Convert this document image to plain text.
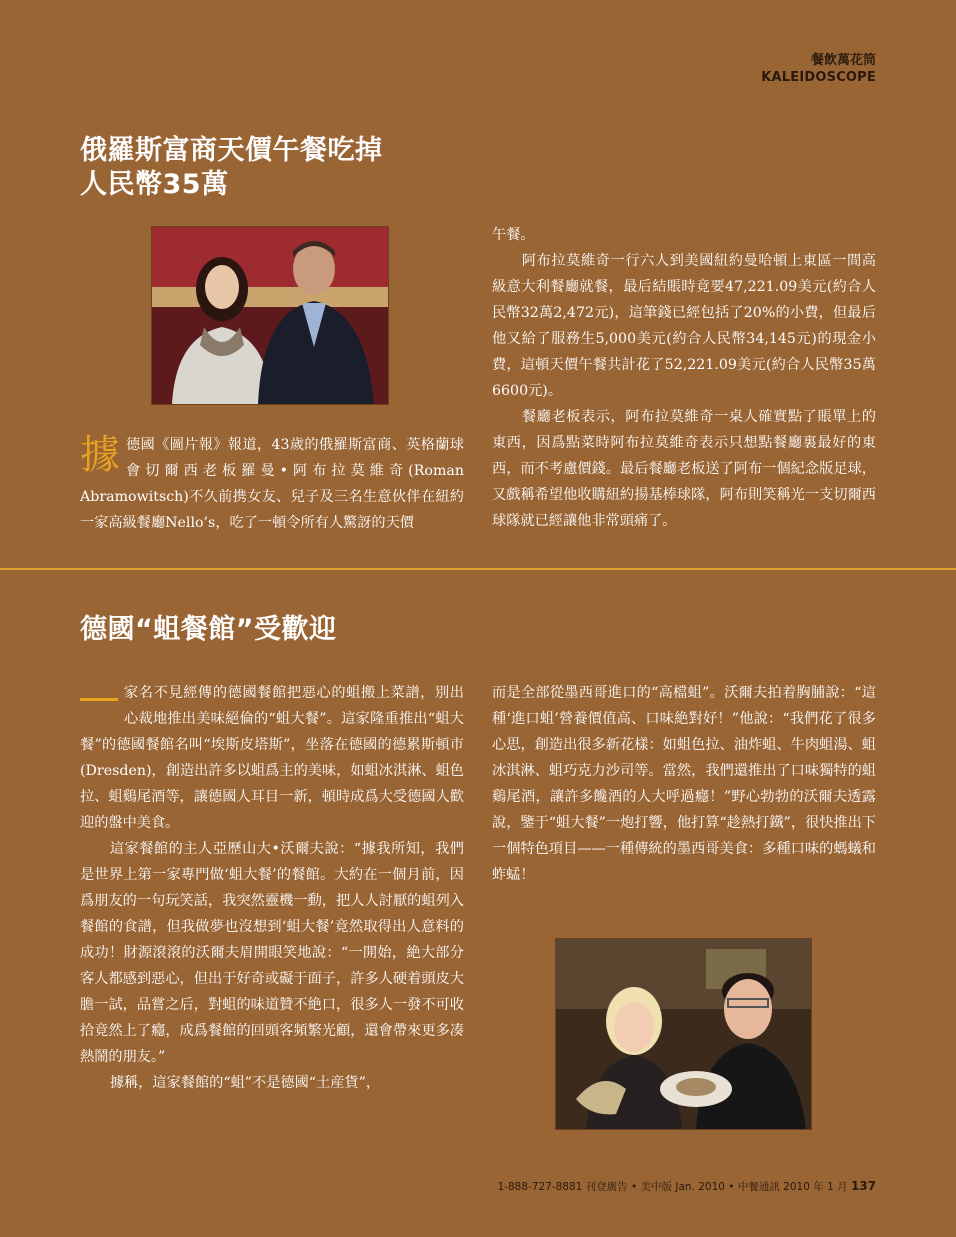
餐飲萬花筒
KALEIDOSCOPE
俄羅斯富商天價午餐吃掉
人民幣35萬

據德國《圖片報》報道，43歲的俄羅斯富商、英格蘭球會切爾西老板羅曼•阿布拉莫維奇(Roman Abramowitsch)不久前携女友、兒子及三名生意伙伴在紐約一家高級餐廳Nello’s，吃了一頓令所有人驚訝的天價

午餐。

阿布拉莫維奇一行六人到美國紐約曼哈頓上東區一間高級意大利餐廳就餐，最后結賬時竟要47,221.09美元(約合人民幣32萬2,472元)，這筆錢已經包括了20%的小費，但最后他又給了服務生5,000美元(約合人民幣34,145元)的現金小費，這頓天價午餐共計花了52,221.09美元(約合人民幣35萬6600元)。

餐廳老板表示，阿布拉莫維奇一桌人確實點了賬單上的東西，因爲點菜時阿布拉莫維奇表示只想點餐廳裏最好的東西，而不考慮價錢。最后餐廳老板送了阿布一個紀念版足球，又戲稱希望他收購紐約揚基棒球隊，阿布則笑稱光一支切爾西球隊就已經讓他非常頭痛了。

德國“蛆餐館”受歡迎

家名不見經傳的德國餐館把惡心的蛆搬上菜譜，別出心裁地推出美味絕倫的“蛆大餐”。這家隆重推出“蛆大餐”的德國餐館名叫“埃斯皮塔斯”，坐落在德國的德累斯頓市(Dresden)，創造出許多以蛆爲主的美味，如蛆冰淇淋、蛆色拉、蛆鷄尾酒等，讓德國人耳目一新，頓時成爲大受德國人歡迎的盤中美食。

這家餐館的主人亞歷山大•沃爾夫說：“據我所知，我們是世界上第一家專門做‘蛆大餐’的餐館。大約在一個月前，因爲朋友的一句玩笑話，我突然靈機一動，把人人討厭的蛆列入餐館的食譜，但我做夢也沒想到‘蛆大餐’竟然取得出人意料的成功！財源滾滾的沃爾夫眉開眼笑地說：“一開始，絶大部分客人都感到惡心，但出于好奇或礙于面子，許多人硬着頭皮大膽一試，品嘗之后，對蛆的味道贊不絶口，很多人一發不可收拾竟然上了癮，成爲餐館的回頭客頻繁光顧，還會帶來更多凑熱鬧的朋友。”

據稱，這家餐館的“蛆”不是德國“土産貨”，

而是全部從墨西哥進口的“高檔蛆”。沃爾夫拍着胸脯說：“這種‘進口蛆’營養價值高、口味絶對好！”他說：“我們花了很多心思，創造出很多新花樣：如蛆色拉、油炸蛆、牛肉蛆湯、蛆冰淇淋、蛆巧克力沙司等。當然，我們還推出了口味獨特的蛆鷄尾酒，讓許多饞酒的人大呼過癮！”野心勃勃的沃爾夫透露說，鑒于“蛆大餐”一炮打響，他打算“趁熱打鐵”，很快推出下一個特色項目——一種傳統的墨西哥美食：多種口味的螞蟻和蚱蜢！

1-888-727-8881 刊登廣告 • 美中版 Jan. 2010 • 中餐通訊 2010 年 1 月 137
